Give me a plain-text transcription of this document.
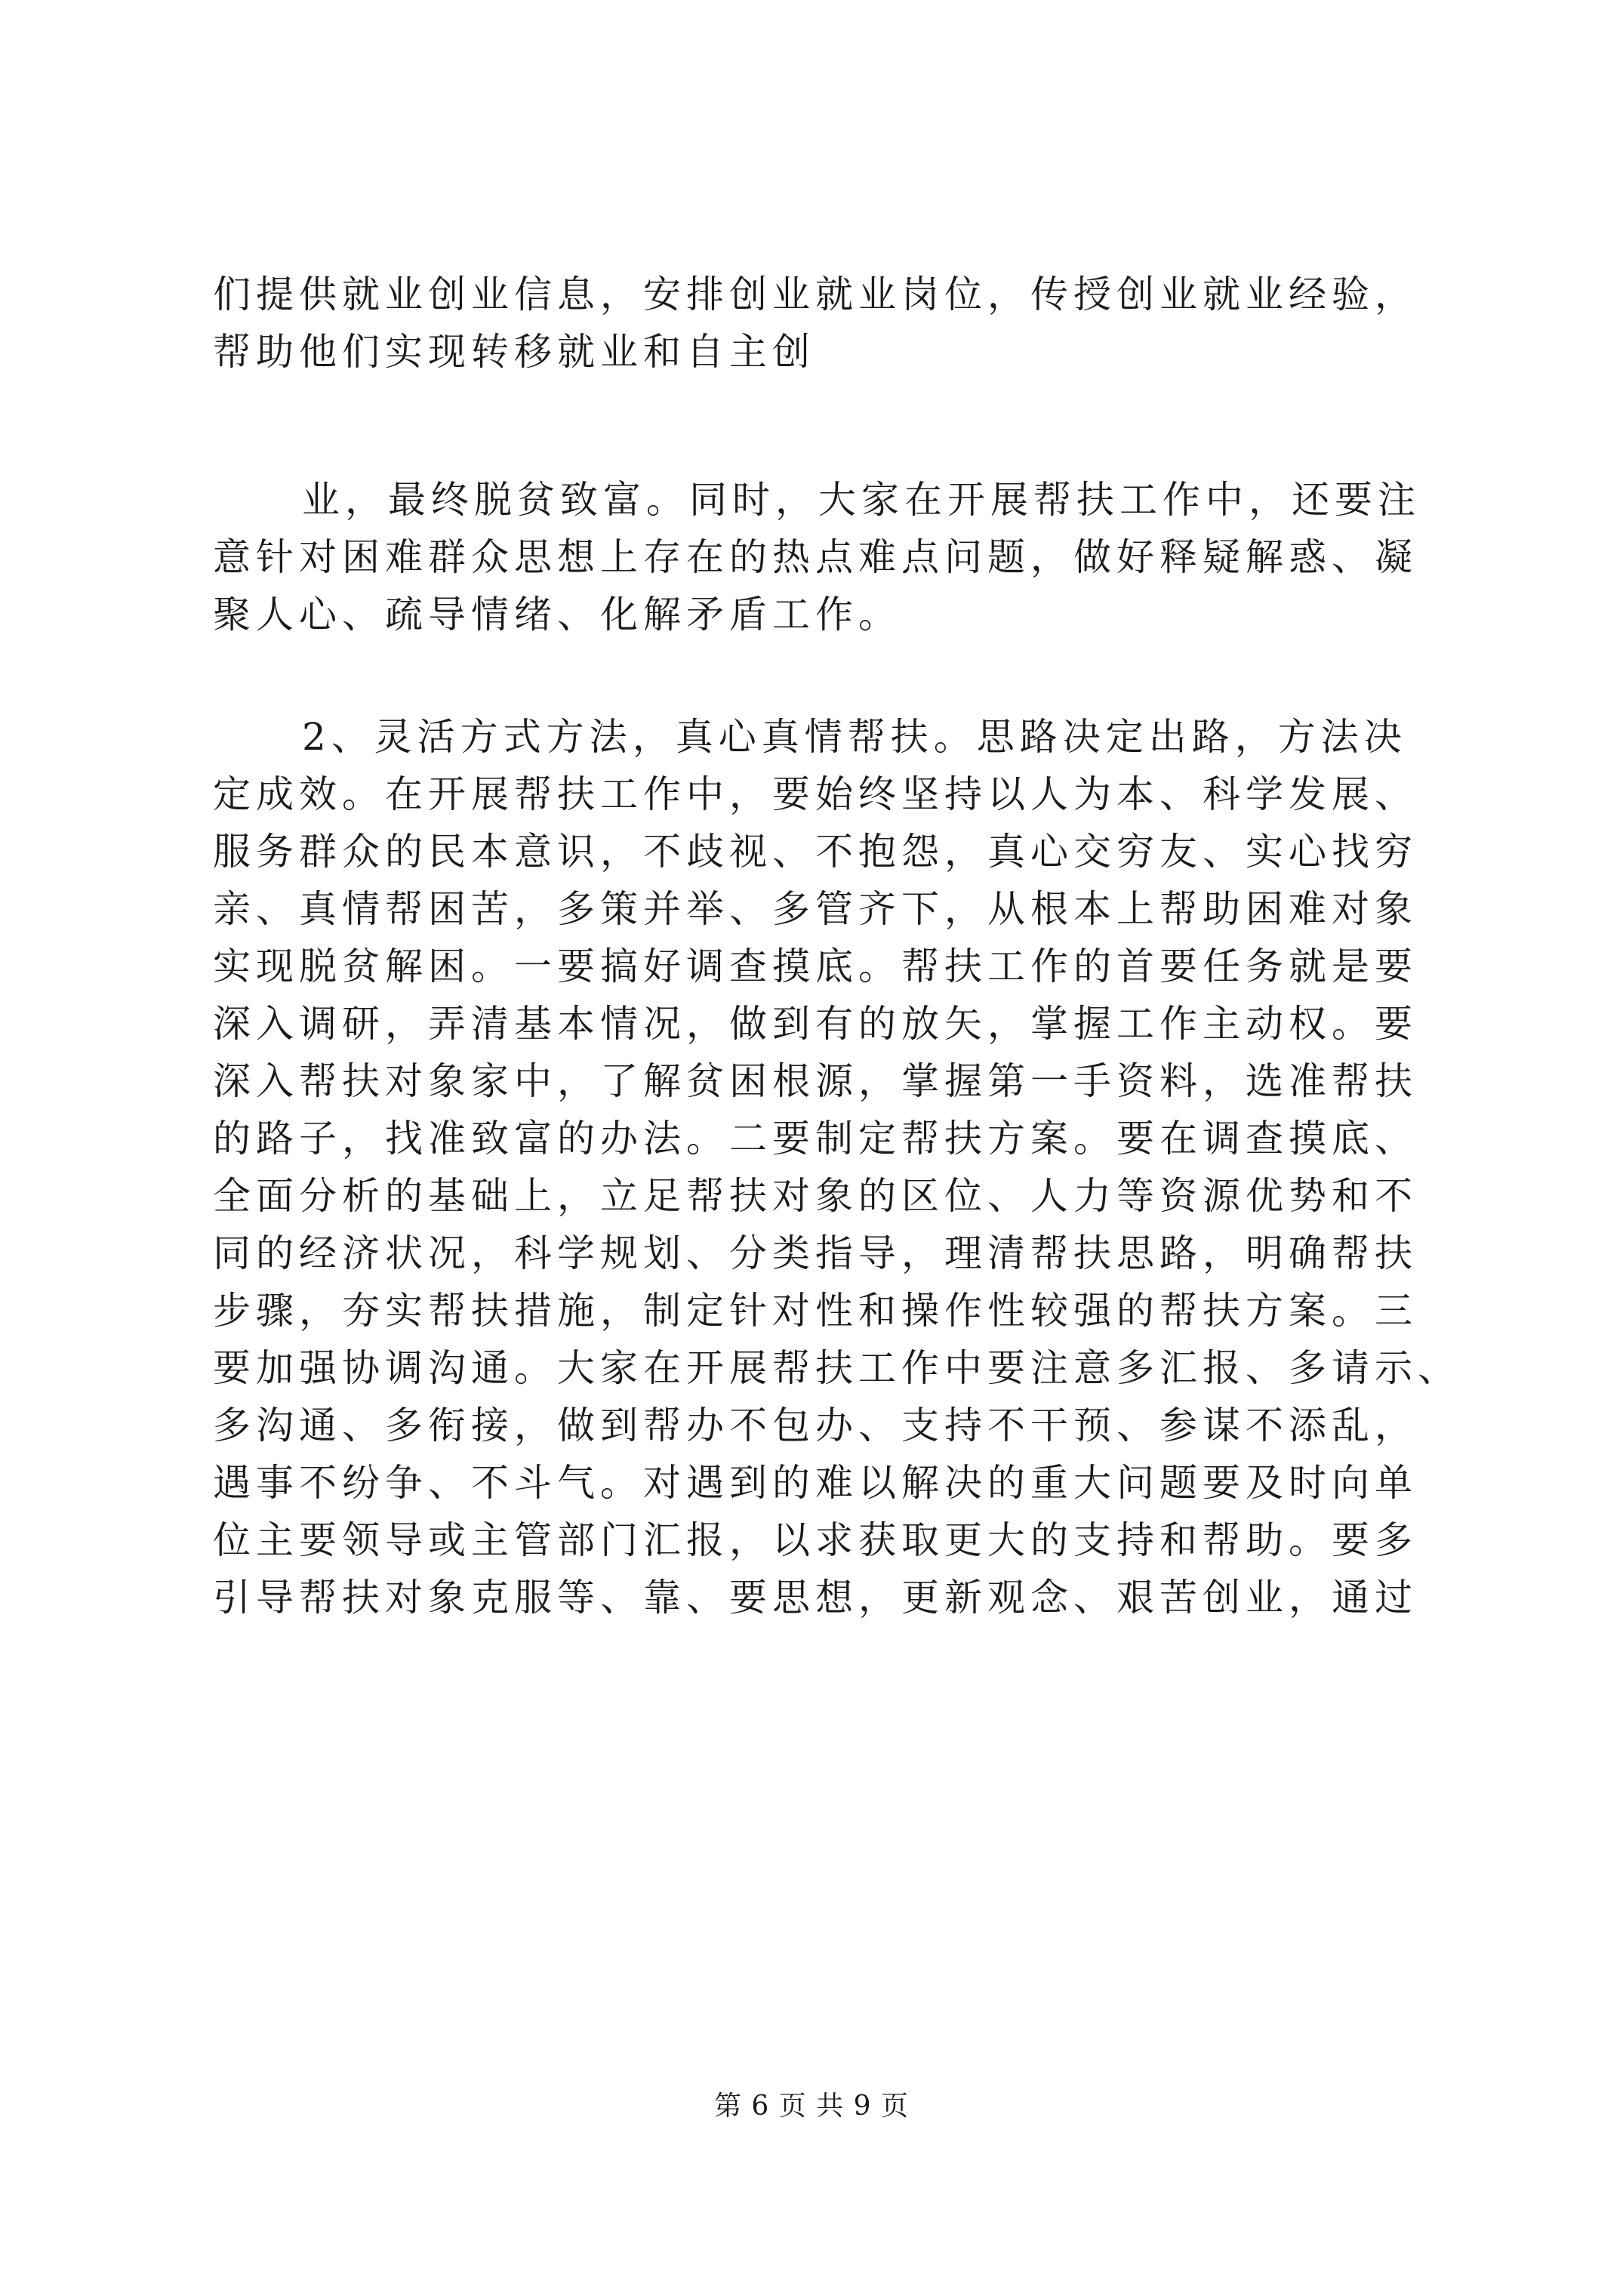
们提供就业创业信息，安排创业就业岗位，传授创业就业经验，
帮助他们实现转移就业和自主创
业，最终脱贫致富。同时，大家在开展帮扶工作中，还要注
意针对困难群众思想上存在的热点难点问题，做好释疑解惑、凝
聚人心、疏导情绪、化解矛盾工作。
2、灵活方式方法，真心真情帮扶。思路决定出路，方法决
定成效。在开展帮扶工作中，要始终坚持以人为本、科学发展、
服务群众的民本意识，不歧视、不抱怨，真心交穷友、实心找穷
亲、真情帮困苦，多策并举、多管齐下，从根本上帮助困难对象
实现脱贫解困。一要搞好调查摸底。帮扶工作的首要任务就是要
深入调研，弄清基本情况，做到有的放矢，掌握工作主动权。要
深入帮扶对象家中，了解贫困根源，掌握第一手资料，选准帮扶
的路子，找准致富的办法。二要制定帮扶方案。要在调查摸底、
全面分析的基础上，立足帮扶对象的区位、人力等资源优势和不
同的经济状况，科学规划、分类指导，理清帮扶思路，明确帮扶
步骤，夯实帮扶措施，制定针对性和操作性较强的帮扶方案。三
要加强协调沟通。大家在开展帮扶工作中要注意多汇报、多请示、
多沟通、多衔接，做到帮办不包办、支持不干预、参谋不添乱，
遇事不纷争、不斗气。对遇到的难以解决的重大问题要及时向单
位主要领导或主管部门汇报，以求获取更大的支持和帮助。要多
引导帮扶对象克服等、靠、要思想，更新观念、艰苦创业，通过
第 6 页 共 9 页
